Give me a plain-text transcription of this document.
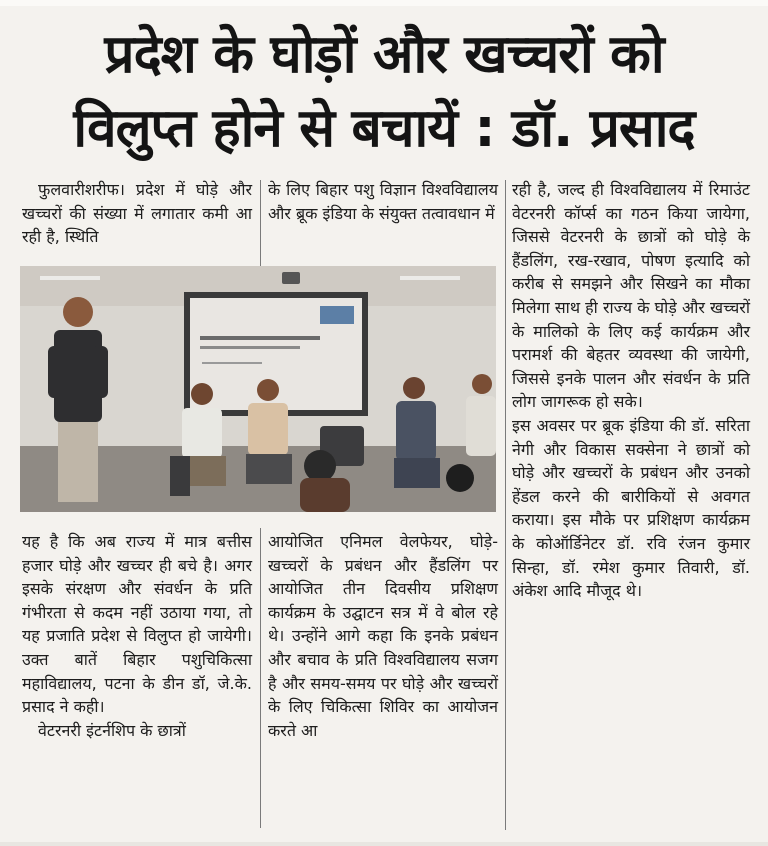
प्रदेश के घोड़ों और खच्चरों को
विलुप्त होने से बचायें : डॉ. प्रसाद

फुलवारीशरीफ। प्रदेश में घोड़े और खच्चरों की संख्या में लगातार कमी आ रही है, स्थिति

के लिए बिहार पशु विज्ञान विश्वविद्यालय और ब्रूक इंडिया के संयुक्त तत्वावधान में

रही है, जल्द ही विश्वविद्यालय में रिमाउंट वेटरनरी कॉर्प्स का गठन किया जायेगा, जिससे वेटरनरी के छात्रों को घोड़े के हैंडलिंग, रख-रखाव, पोषण इत्यादि को करीब से समझने और सिखने का मौका मिलेगा साथ ही राज्य के घोड़े और खच्चरों के मालिको के लिए कई कार्यक्रम और परामर्श की बेहतर व्यवस्था की जायेगी, जिससे इनके पालन और संवर्धन के प्रति लोग जागरूक हो सके।

इस अवसर पर ब्रूक इंडिया की डॉ. सरिता नेगी और विकास सक्सेना ने छात्रों को घोड़े और खच्चरों के प्रबंधन और उनको हेंडल करने की बारीकियों से अवगत कराया। इस मौके पर प्रशिक्षण कार्यक्रम के कोऑर्डिनेटर डॉ. रवि रंजन कुमार सिन्हा, डॉ. रमेश कुमार तिवारी, डॉ. अंकेश आदि मौजूद थे।

यह है कि अब राज्य में मात्र बत्तीस हजार घोड़े और खच्चर ही बचे है। अगर इसके संरक्षण और संवर्धन के प्रति गंभीरता से कदम नहीं उठाया गया, तो यह प्रजाति प्रदेश से विलुप्त हो जायेगी। उक्त बातें बिहार पशुचिकित्सा महाविद्यालय, पटना के डीन डॉ, जे.के. प्रसाद ने कही।

वेटरनरी इंटर्नशिप के छात्रों

आयोजित एनिमल वेलफेयर, घोड़े-खच्चरों के प्रबंधन और हैंडलिंग पर आयोजित तीन दिवसीय प्रशिक्षण कार्यक्रम के उद्घाटन सत्र में वे बोल रहे थे। उन्होंने आगे कहा कि इनके प्रबंधन और बचाव के प्रति विश्वविद्यालय सजग है और समय-समय पर घोड़े और खच्चरों के लिए चिकित्सा शिविर का आयोजन करते आ
